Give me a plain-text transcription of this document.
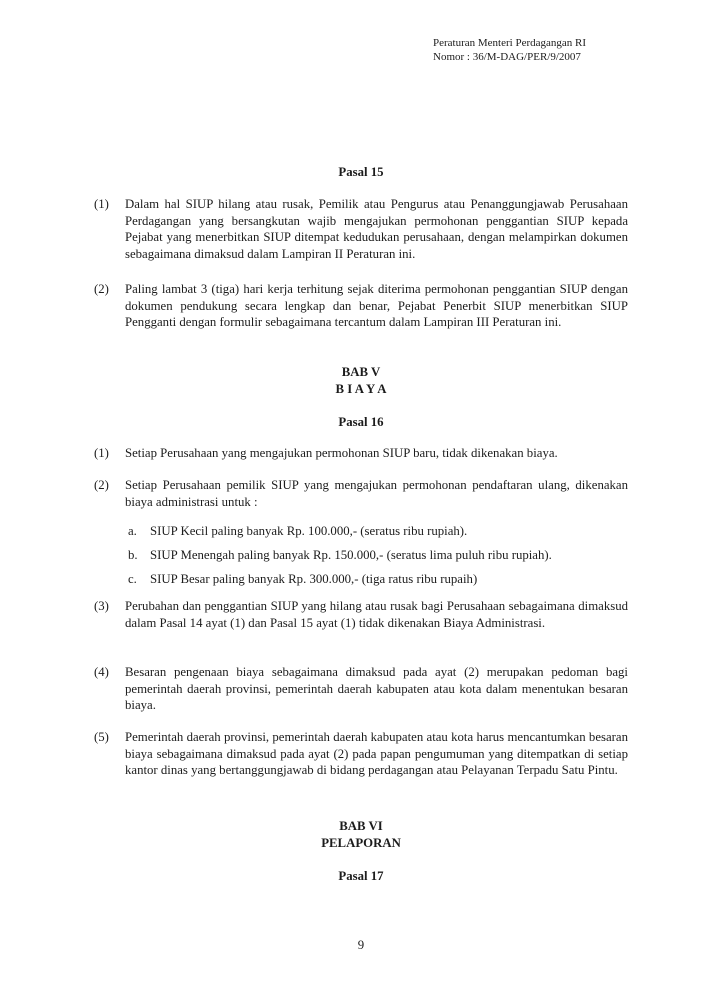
Peraturan Menteri Perdagangan RI
Nomor : 36/M-DAG/PER/9/2007
Pasal 15
(1)	Dalam hal SIUP hilang atau rusak, Pemilik atau Pengurus atau Penanggungjawab Perusahaan Perdagangan yang bersangkutan wajib mengajukan permohonan penggantian SIUP kepada Pejabat yang menerbitkan SIUP ditempat kedudukan perusahaan, dengan melampirkan dokumen sebagaimana dimaksud dalam Lampiran II Peraturan ini.
(2)	Paling lambat 3 (tiga) hari kerja terhitung sejak diterima permohonan penggantian SIUP dengan dokumen pendukung secara lengkap dan benar, Pejabat Penerbit SIUP menerbitkan SIUP Pengganti dengan formulir sebagaimana tercantum dalam Lampiran III Peraturan ini.
BAB V
B I A Y A
Pasal 16
(1)	Setiap Perusahaan yang mengajukan permohonan SIUP baru, tidak dikenakan biaya.
(2)	Setiap Perusahaan pemilik SIUP yang mengajukan permohonan pendaftaran ulang, dikenakan biaya administrasi untuk :
a.	SIUP Kecil paling banyak Rp. 100.000,- (seratus ribu rupiah).
b. SIUP Menengah paling banyak Rp. 150.000,- (seratus lima puluh ribu rupiah).
c.	SIUP Besar paling banyak Rp. 300.000,- (tiga ratus ribu rupaih)
(3)	Perubahan dan penggantian SIUP yang hilang atau rusak bagi Perusahaan sebagaimana dimaksud dalam Pasal 14 ayat (1) dan Pasal 15 ayat (1) tidak dikenakan Biaya Administrasi.
(4)	Besaran pengenaan biaya sebagaimana dimaksud pada ayat (2) merupakan pedoman bagi pemerintah daerah provinsi, pemerintah daerah kabupaten atau kota dalam menentukan besaran biaya.
(5)	Pemerintah daerah provinsi, pemerintah daerah kabupaten atau kota harus mencantumkan besaran biaya sebagaimana dimaksud pada ayat (2) pada papan pengumuman yang ditempatkan di setiap kantor dinas yang bertanggungjawab di bidang perdagangan atau Pelayanan Terpadu Satu Pintu.
BAB VI
PELAPORAN
Pasal 17
9
